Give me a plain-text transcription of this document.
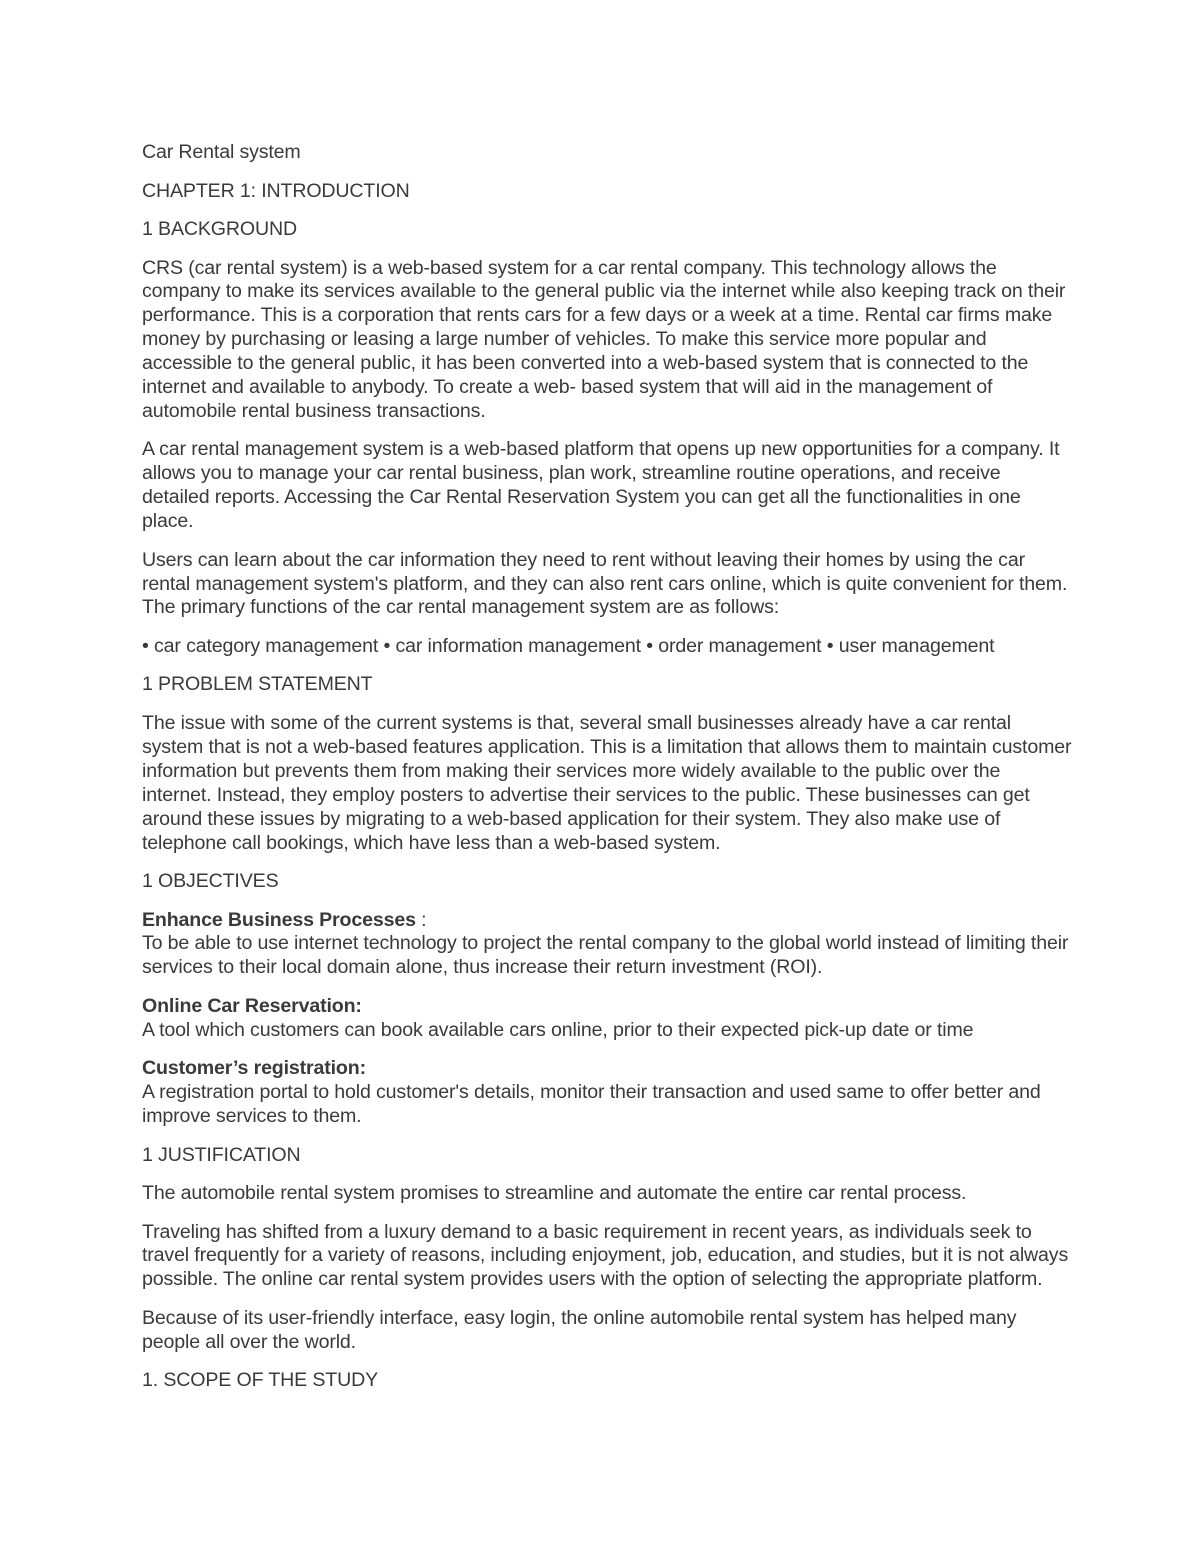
Car Rental system

CHAPTER 1: INTRODUCTION

1 BACKGROUND

CRS (car rental system) is a web-based system for a car rental company. This technology allows the company to make its services available to the general public via the internet while also keeping track on their performance. This is a corporation that rents cars for a few days or a week at a time. Rental car firms make money by purchasing or leasing a large number of vehicles. To make this service more popular and accessible to the general public, it has been converted into a web-based system that is connected to the internet and available to anybody. To create a web- based system that will aid in the management of automobile rental business transactions.

A car rental management system is a web-based platform that opens up new opportunities for a company. It allows you to manage your car rental business, plan work, streamline routine operations, and receive detailed reports. Accessing the Car Rental Reservation System you can get all the functionalities in one place.

Users can learn about the car information they need to rent without leaving their homes by using the car rental management system's platform, and they can also rent cars online, which is quite convenient for them. The primary functions of the car rental management system are as follows:

• car category management • car information management • order management • user management

1 PROBLEM STATEMENT

The issue with some of the current systems is that, several small businesses already have a car rental system that is not a web-based features application. This is a limitation that allows them to maintain customer information but prevents them from making their services more widely available to the public over the internet. Instead, they employ posters to advertise their services to the public. These businesses can get around these issues by migrating to a web-based application for their system. They also make use of telephone call bookings, which have less than a web-based system.

1 OBJECTIVES

Enhance Business Processes :
To be able to use internet technology to project the rental company to the global world instead of limiting their services to their local domain alone, thus increase their return investment (ROI).

Online Car Reservation:
A tool which customers can book available cars online, prior to their expected pick-up date or time

Customer’s registration:
A registration portal to hold customer's details, monitor their transaction and used same to offer better and improve services to them.

1 JUSTIFICATION

The automobile rental system promises to streamline and automate the entire car rental process.

Traveling has shifted from a luxury demand to a basic requirement in recent years, as individuals seek to travel frequently for a variety of reasons, including enjoyment, job, education, and studies, but it is not always possible. The online car rental system provides users with the option of selecting the appropriate platform.

Because of its user-friendly interface, easy login, the online automobile rental system has helped many people all over the world.

1. SCOPE OF THE STUDY
